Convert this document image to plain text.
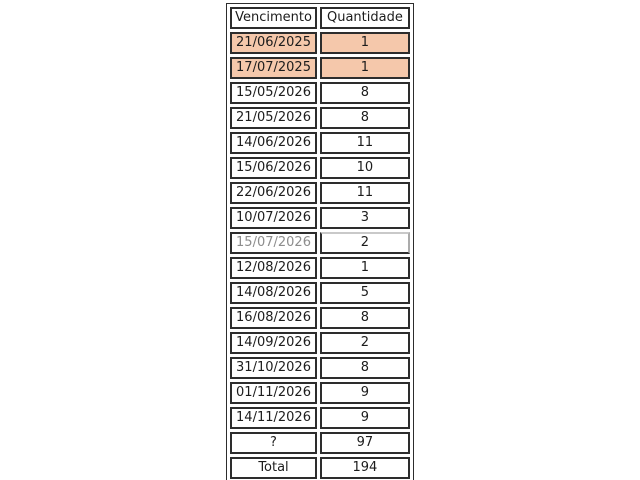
Vencimento	Quantidade
21/06/2025	1
17/07/2025	1
15/05/2026	8
21/05/2026	8
14/06/2026	11
15/06/2026	10
22/06/2026	11
10/07/2026	3
15/07/2026	2
12/08/2026	1
14/08/2026	5
16/08/2026	8
14/09/2026	2
31/10/2026	8
01/11/2026	9
14/11/2026	9
?	97
Total	194
